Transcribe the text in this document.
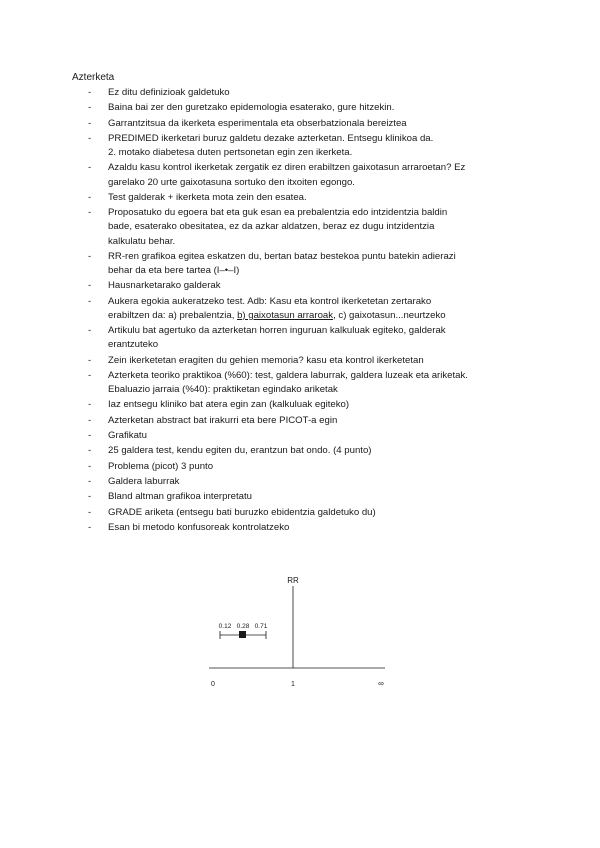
Azterketa
- Ez ditu definizioak galdetuko
- Baina bai zer den guretzako epidemologia esaterako, gure hitzekin.
- Garrantzitsua da ikerketa esperimentala eta obserbatzionala bereiztea
- PREDIMED ikerketari buruz galdetu dezake azterketan. Entsegu klinikoa da.
2. motako diabetesa duten pertsonetan egin zen ikerketa.
- Azaldu kasu kontrol ikerketak zergatik ez diren erabiltzen gaixotasun arraroetan? Ez
garelako 20 urte gaixotasuna sortuko den itxoiten egongo.
- Test galderak + ikerketa mota zein den esatea.
- Proposatuko du egoera bat eta guk esan ea prebalentzia edo intzidentzia baldin
bade, esaterako obesitatea, ez da azkar aldatzen, beraz ez dugu intzidentzia
kalkulatu behar.
- RR-ren grafikoa egitea eskatzen du, bertan bataz bestekoa puntu batekin adierazi
behar da eta bere tartea (I–•–I)
- Hausnarketarako galderak
- Aukera egokia aukeratzeko test. Adb: Kasu eta kontrol ikerketetan zertarako
erabiltzen da: a) prebalentzia, b) gaixotasun arraroak, c) gaixotasun...neurtzeko
- Artikulu bat agertuko da azterketan horren inguruan kalkuluak egiteko, galderak
erantzuteko
- Zein ikerketetan eragiten du gehien memoria? kasu eta kontrol ikerketetan
- Azterketa teoriko praktikoa (%60): test, galdera laburrak, galdera luzeak eta ariketak.
Ebaluazio jarraia (%40): praktiketan egindako ariketak
- Iaz entsegu kliniko bat atera egin zan (kalkuluak egiteko)
- Azterketan abstract bat irakurri eta bere PICOT-a egin
- Grafikatu
- 25 galdera test, kendu egiten du, erantzun bat ondo. (4 punto)
- Problema (picot) 3 punto
- Galdera laburrak
- Bland altman grafikoa interpretatu
- GRADE ariketa (entsegu bati buruzko ebidentzia galdetuko du)
- Esan bi metodo konfusoreak kontrolatzeko
RR
0.12 0.28 0.71
0	1	∞
